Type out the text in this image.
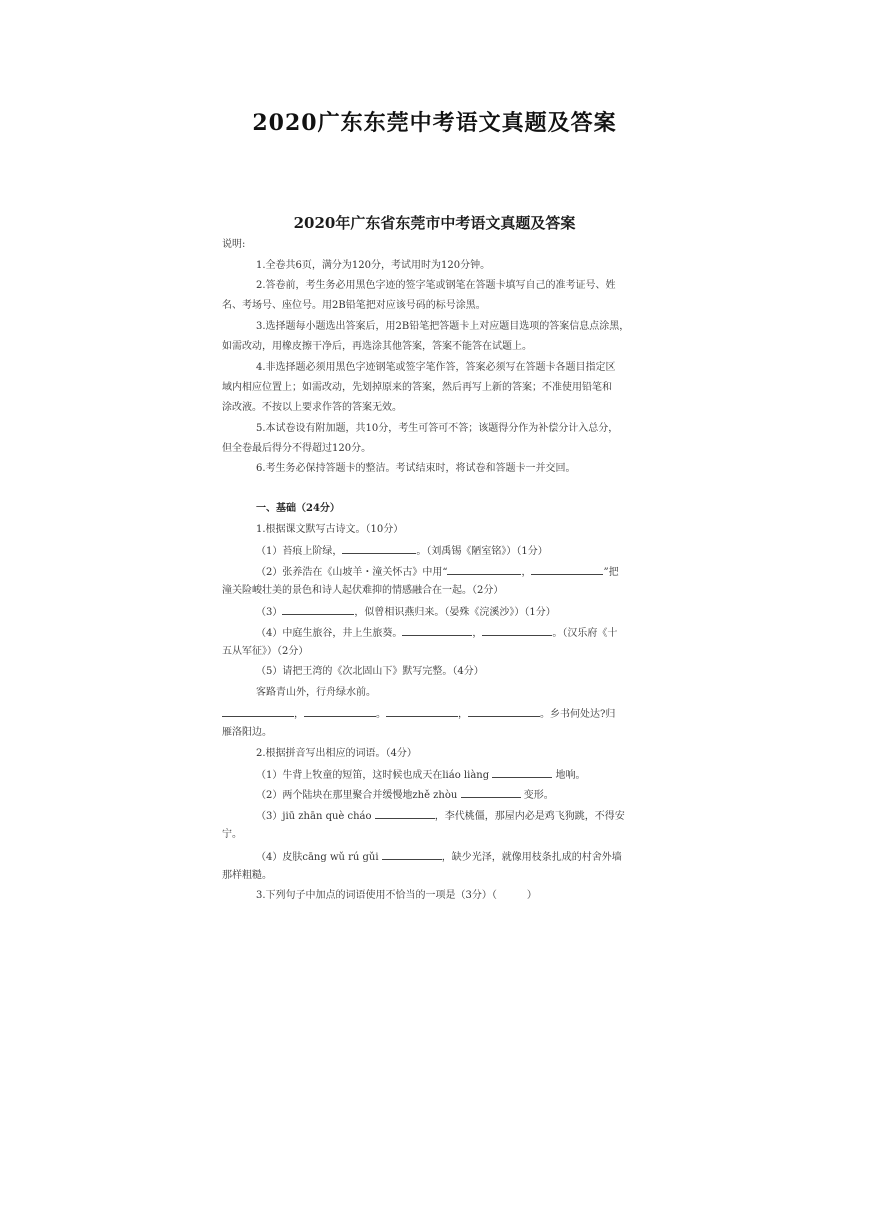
2020广东东莞中考语文真题及答案
2020年广东省东莞市中考语文真题及答案
说明:
1.全卷共6页，满分为120分，考试用时为120分钟。
2.答卷前，考生务必用黑色字迹的签字笔或钢笔在答题卡填写自己的准考证号、姓
名、考场号、座位号。用2B铅笔把对应该号码的标号涂黑。
3.选择题每小题选出答案后，用2B铅笔把答题卡上对应题目选项的答案信息点涂黑，
如需改动，用橡皮擦干净后，再选涂其他答案，答案不能答在试题上。
4.非选择题必须用黑色字迹钢笔或签字笔作答，答案必须写在答题卡各题目指定区
域内相应位置上；如需改动，先划掉原来的答案，然后再写上新的答案；不准使用铅笔和
涂改液。不按以上要求作答的答案无效。
5.本试卷设有附加题，共10分，考生可答可不答；该题得分作为补偿分计入总分，
但全卷最后得分不得超过120分。
6.考生务必保持答题卡的整洁。考试结束时，将试卷和答题卡一并交回。
一、基础（24分）
1.根据课文默写古诗文。（10分）
（1）苔痕上阶绿，	。（刘禹锡《陋室铭》）（1分）
（2）张养浩在《山坡羊・潼关怀古》中用“	，	”把
潼关险峻壮美的景色和诗人起伏难抑的情感融合在一起。（2分）
（3）	，似曾相识燕归来。（晏殊《浣溪沙》）（1分）
（4）中庭生旅谷，井上生旅葵。	，	。（汉乐府《十
五从军征》）（2分）
（5）请把王湾的《次北固山下》默写完整。（4分）
客路青山外，行舟绿水前。
，	。	，	。乡书何处达?归
雁洛阳边。
2.根据拼音写出相应的词语。（4分）
（1）牛背上牧童的短笛，这时候也成天在liáo liàng	地响。
（2）两个陆块在那里聚合并缓慢地zhě zhòu	变形。
（3）jiū zhān què cháo	，李代桃僵，那屋内必是鸡飞狗跳，不得安
宁。
（4）皮肤cāng wǔ rú gǔi	，缺少光泽，就像用枝条扎成的村舍外墙
那样粗糙。
3.下列句子中加点的词语使用不恰当的一项是（3分）（　　　）
